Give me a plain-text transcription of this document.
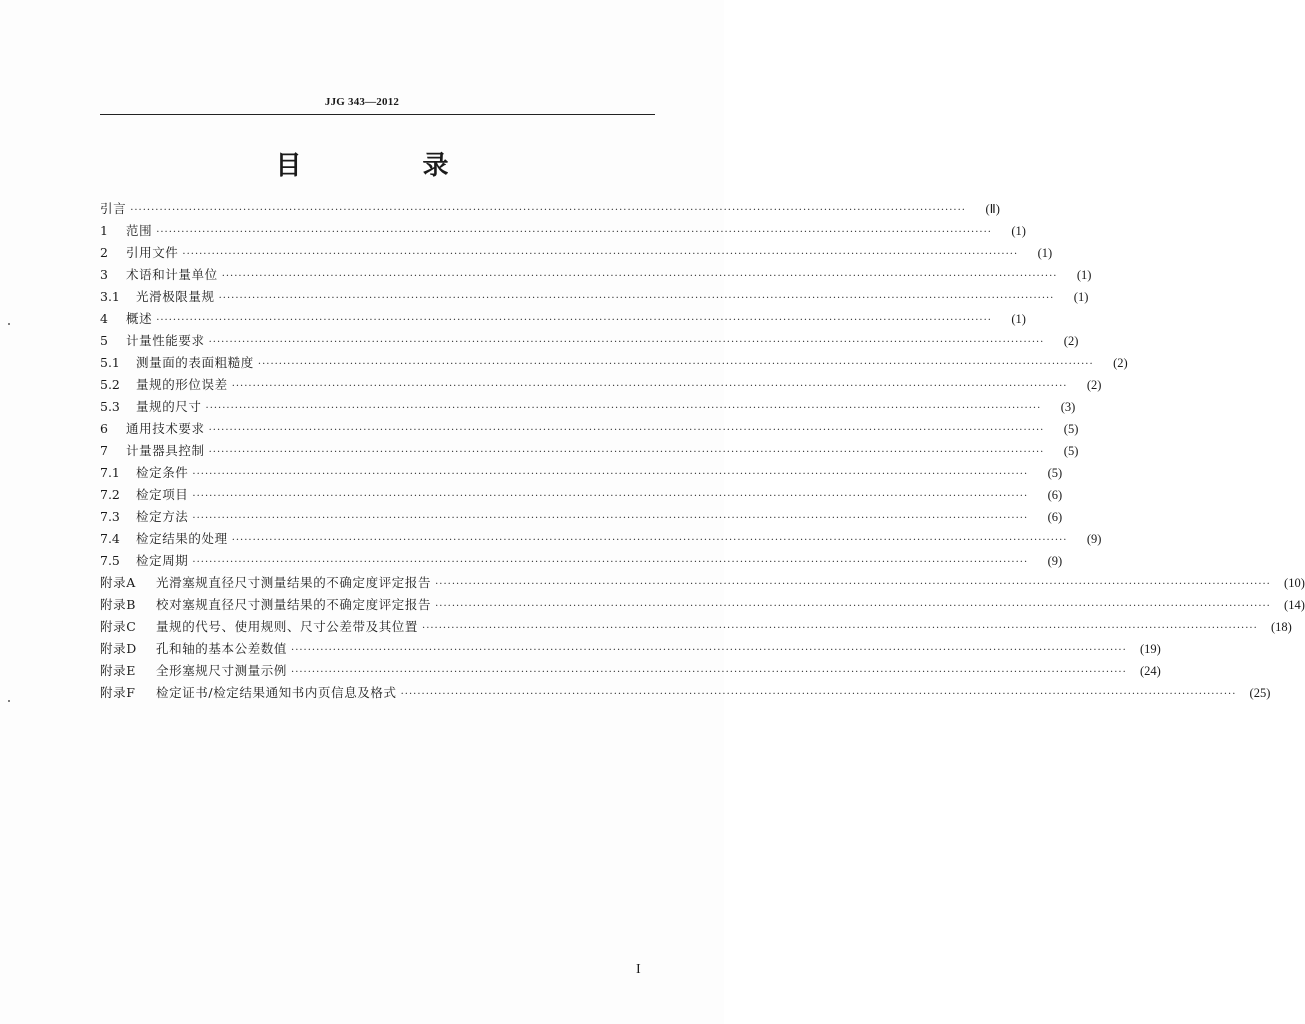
JJG 343—2012
目 录
引言 ········································································································································································································	(Ⅱ)
1	范围 ········································································································································································································	(1)
2	引用文件 ········································································································································································································	(1)
3	术语和计量单位 ········································································································································································································	(1)
3.1	光滑极限量规 ········································································································································································································	(1)
4	概述 ········································································································································································································	(1)
5	计量性能要求 ········································································································································································································	(2)
5.1	测量面的表面粗糙度 ········································································································································································································	(2)
5.2	量规的形位误差 ········································································································································································································	(2)
5.3	量规的尺寸 ········································································································································································································	(3)
6	通用技术要求 ········································································································································································································	(5)
7	计量器具控制 ········································································································································································································	(5)
7.1	检定条件 ········································································································································································································	(5)
7.2	检定项目 ········································································································································································································	(6)
7.3	检定方法 ········································································································································································································	(6)
7.4	检定结果的处理 ········································································································································································································	(9)
7.5	检定周期 ········································································································································································································	(9)
附录A	光滑塞规直径尺寸测量结果的不确定度评定报告 ········································································································································································································	(10)
附录B	校对塞规直径尺寸测量结果的不确定度评定报告 ········································································································································································································	(14)
附录C	量规的代号、使用规则、尺寸公差带及其位置 ········································································································································································································	(18)
附录D	孔和轴的基本公差数值 ········································································································································································································	(19)
附录E	全形塞规尺寸测量示例 ········································································································································································································	(24)
附录F	检定证书/检定结果通知书内页信息及格式 ········································································································································································································	(25)
I
